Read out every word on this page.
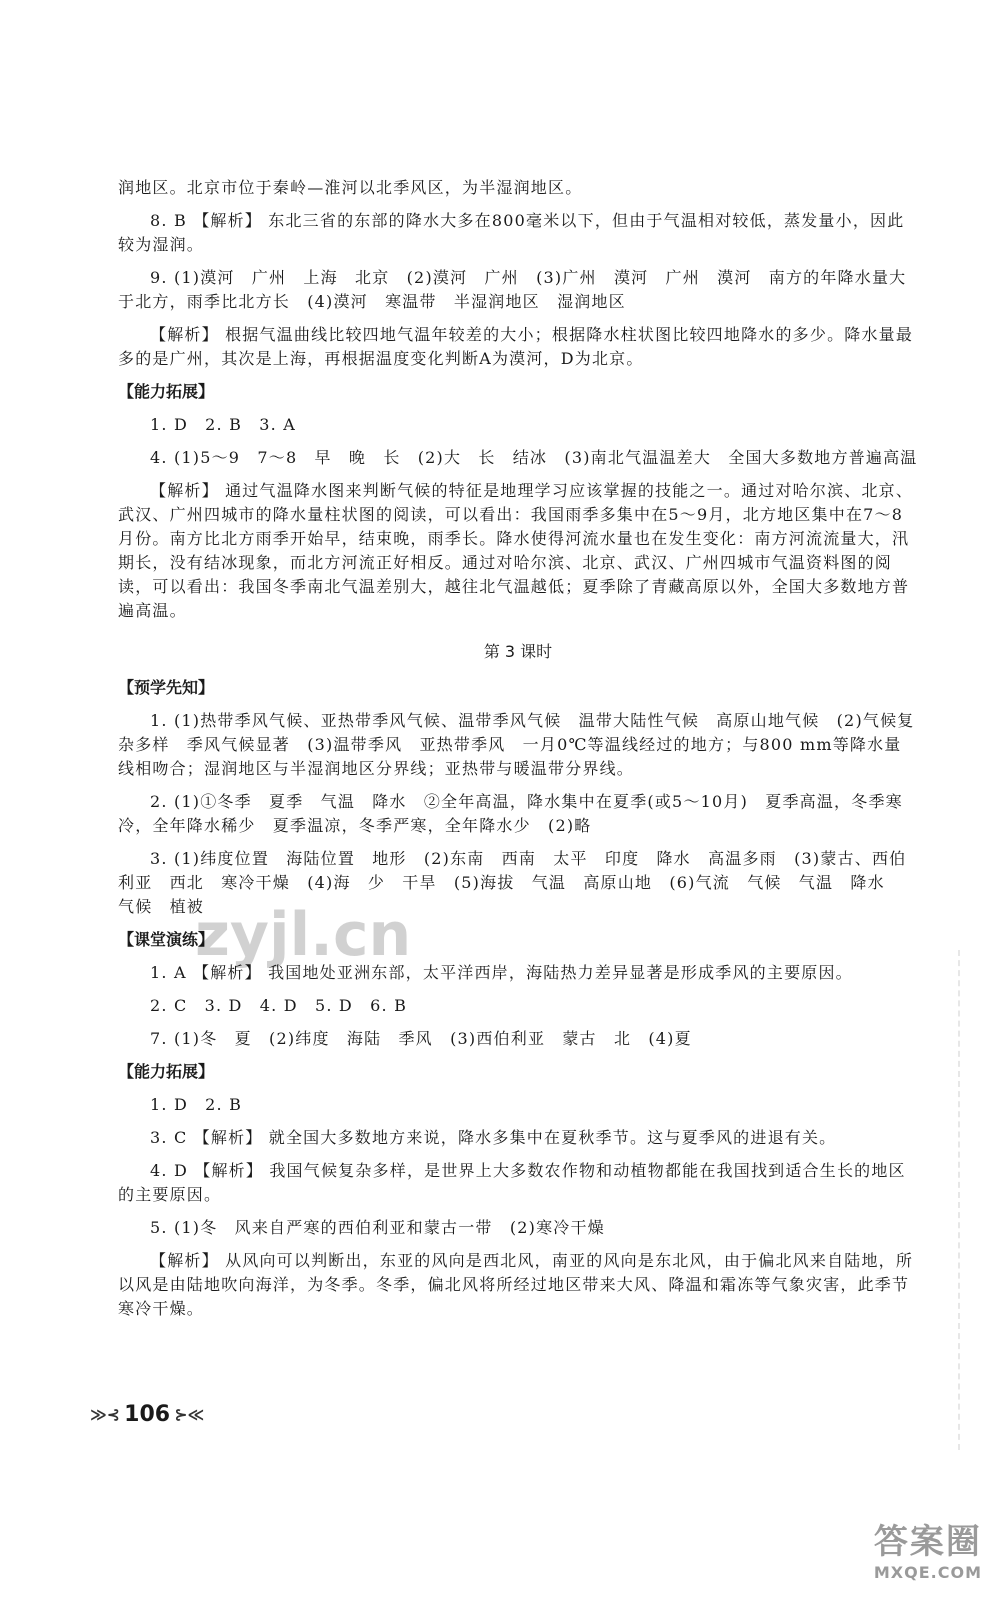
润地区。北京市位于秦岭—淮河以北季风区，为半湿润地区。

8. B 【解析】 东北三省的东部的降水大多在800毫米以下，但由于气温相对较低，蒸发量小，因此较为湿润。

9. (1)漠河　广州　上海　北京　(2)漠河　广州　(3)广州　漠河　广州　漠河　南方的年降水量大于北方，雨季比北方长　(4)漠河　寒温带　半湿润地区　湿润地区

【解析】 根据气温曲线比较四地气温年较差的大小；根据降水柱状图比较四地降水的多少。降水量最多的是广州，其次是上海，再根据温度变化判断A为漠河，D为北京。

【能力拓展】

1. D　2. B　3. A

4. (1)5～9　7～8　早　晚　长　(2)大　长　结冰　(3)南北气温温差大　全国大多数地方普遍高温

【解析】 通过气温降水图来判断气候的特征是地理学习应该掌握的技能之一。通过对哈尔滨、北京、武汉、广州四城市的降水量柱状图的阅读，可以看出：我国雨季多集中在5～9月，北方地区集中在7～8月份。南方比北方雨季开始早，结束晚，雨季长。降水使得河流水量也在发生变化：南方河流流量大，汛期长，没有结冰现象，而北方河流正好相反。通过对哈尔滨、北京、武汉、广州四城市气温资料图的阅读，可以看出：我国冬季南北气温差别大，越往北气温越低；夏季除了青藏高原以外，全国大多数地方普遍高温。

第 3 课时
【预学先知】

1. (1)热带季风气候、亚热带季风气候、温带季风气候　温带大陆性气候　高原山地气候　(2)气候复杂多样　季风气候显著　(3)温带季风　亚热带季风　一月0℃等温线经过的地方；与800 mm等降水量线相吻合；湿润地区与半湿润地区分界线；亚热带与暖温带分界线。

2. (1)①冬季　夏季　气温　降水　②全年高温，降水集中在夏季(或5～10月)　夏季高温，冬季寒冷，全年降水稀少　夏季温凉，冬季严寒，全年降水少　(2)略

3. (1)纬度位置　海陆位置　地形　(2)东南　西南　太平　印度　降水　高温多雨　(3)蒙古、西伯利亚　西北　寒冷干燥　(4)海　少　干旱　(5)海拔　气温　高原山地　(6)气流　气候　气温　降水　气候　植被

【课堂演练】

1. A 【解析】 我国地处亚洲东部，太平洋西岸，海陆热力差异显著是形成季风的主要原因。

2. C　3. D　4. D　5. D　6. B

7. (1)冬　夏　(2)纬度　海陆　季风　(3)西伯利亚　蒙古　北　(4)夏

【能力拓展】

1. D　2. B

3. C 【解析】 就全国大多数地方来说，降水多集中在夏秋季节。这与夏季风的进退有关。

4. D 【解析】 我国气候复杂多样，是世界上大多数农作物和动植物都能在我国找到适合生长的地区的主要原因。

5. (1)冬　风来自严寒的西伯利亚和蒙古一带　(2)寒冷干燥

【解析】 从风向可以判断出，东亚的风向是西北风，南亚的风向是东北风，由于偏北风来自陆地，所以风是由陆地吹向海洋，为冬季。冬季，偏北风将所经过地区带来大风、降温和霜冻等气象灾害，此季节寒冷干燥。

zyjl.cn
≫⊰ 106 ⊱≪
答案圈
MXQE.COM
